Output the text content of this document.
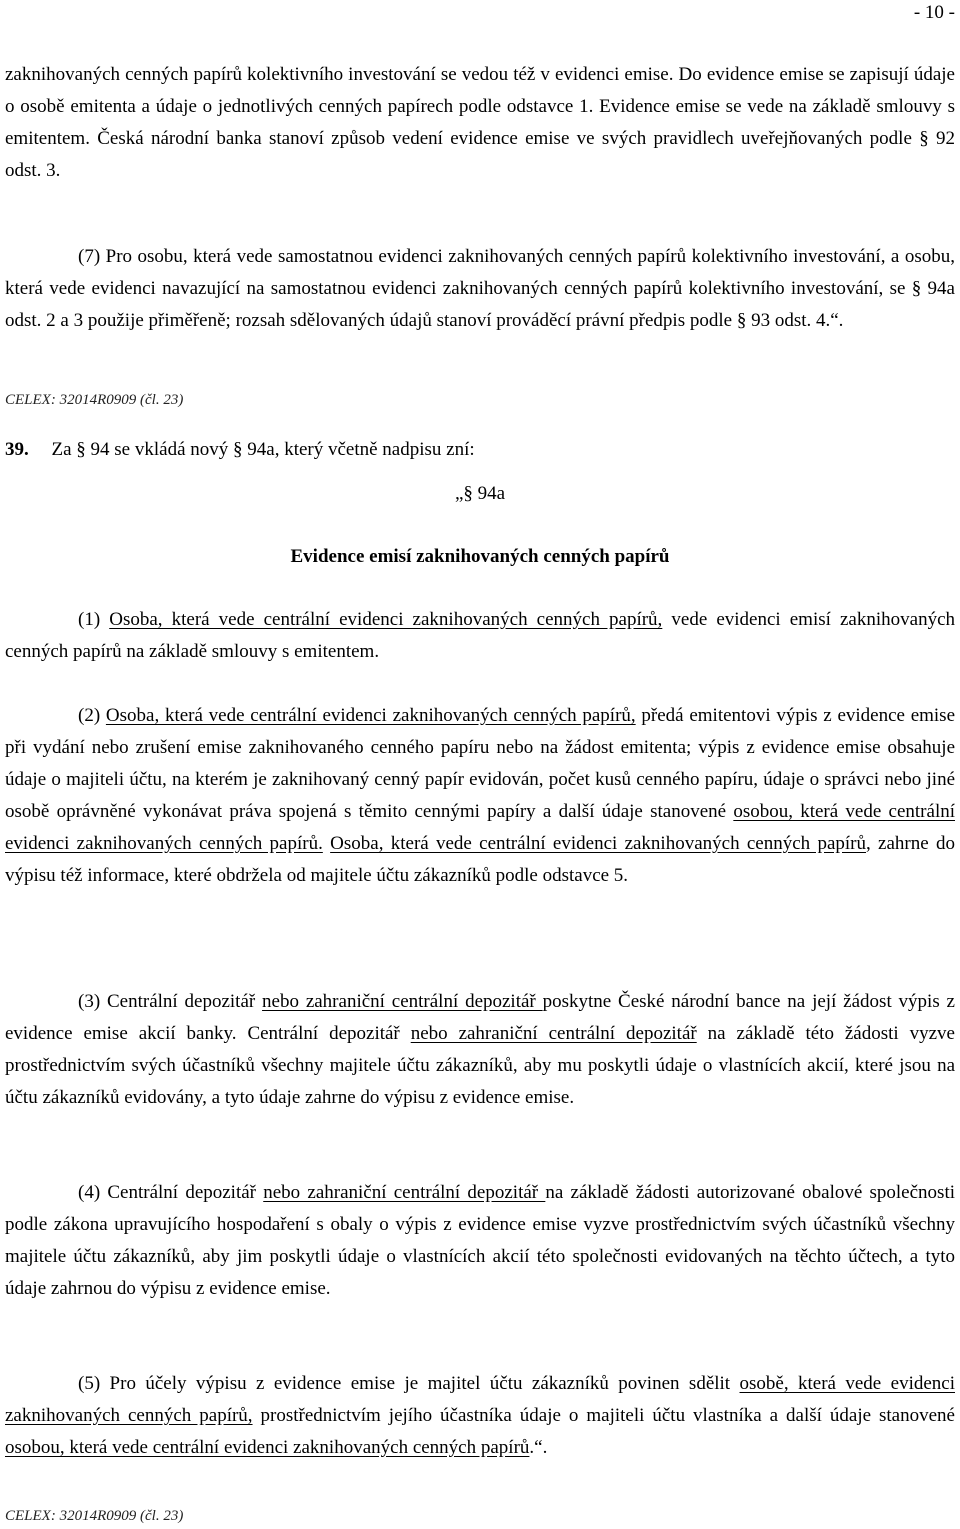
- 10 -

zaknihovaných cenných papírů kolektivního investování se vedou též v evidenci emise. Do evidence emise se zapisují údaje o osobě emitenta a údaje o jednotlivých cenných papírech podle odstavce 1. Evidence emise se vede na základě smlouvy s emitentem. Česká národní banka stanoví způsob vedení evidence emise ve svých pravidlech uveřejňovaných podle § 92 odst. 3.

(7) Pro osobu, která vede samostatnou evidenci zaknihovaných cenných papírů kolektivního investování, a osobu, která vede evidenci navazující na samostatnou evidenci zaknihovaných cenných papírů kolektivního investování, se § 94a odst. 2 a 3 použije přiměřeně; rozsah sdělovaných údajů stanoví prováděcí právní předpis podle § 93 odst. 4.“.

CELEX: 32014R0909 (čl. 23)
39. Za § 94 se vkládá nový § 94a, který včetně nadpisu zní:
„§ 94a
Evidence emisí zaknihovaných cenných papírů

(1) Osoba, která vede centrální evidenci zaknihovaných cenných papírů, vede evidenci emisí zaknihovaných cenných papírů na základě smlouvy s emitentem.

(2) Osoba, která vede centrální evidenci zaknihovaných cenných papírů, předá emitentovi výpis z evidence emise při vydání nebo zrušení emise zaknihovaného cenného papíru nebo na žádost emitenta; výpis z evidence emise obsahuje údaje o majiteli účtu, na kterém je zaknihovaný cenný papír evidován, počet kusů cenného papíru, údaje o správci nebo jiné osobě oprávněné vykonávat práva spojená s těmito cennými papíry a další údaje stanovené osobou, která vede centrální evidenci zaknihovaných cenných papírů. Osoba, která vede centrální evidenci zaknihovaných cenných papírů, zahrne do výpisu též informace, které obdržela od majitele účtu zákazníků podle odstavce 5.

(3) Centrální depozitář nebo zahraniční centrální depozitář poskytne České národní bance na její žádost výpis z evidence emise akcií banky. Centrální depozitář nebo zahraniční centrální depozitář na základě této žádosti vyzve prostřednictvím svých účastníků všechny majitele účtu zákazníků, aby mu poskytli údaje o vlastnících akcií, které jsou na účtu zákazníků evidovány, a tyto údaje zahrne do výpisu z evidence emise.

(4) Centrální depozitář nebo zahraniční centrální depozitář na základě žádosti autorizované obalové společnosti podle zákona upravujícího hospodaření s obaly o výpis z evidence emise vyzve prostřednictvím svých účastníků všechny majitele účtu zákazníků, aby jim poskytli údaje o vlastnících akcií této společnosti evidovaných na těchto účtech, a tyto údaje zahrnou do výpisu z evidence emise.

(5) Pro účely výpisu z evidence emise je majitel účtu zákazníků povinen sdělit osobě, která vede evidenci zaknihovaných cenných papírů, prostřednictvím jejího účastníka údaje o majiteli účtu vlastníka a další údaje stanovené osobou, která vede centrální evidenci zaknihovaných cenných papírů.“.

CELEX: 32014R0909 (čl. 23)
